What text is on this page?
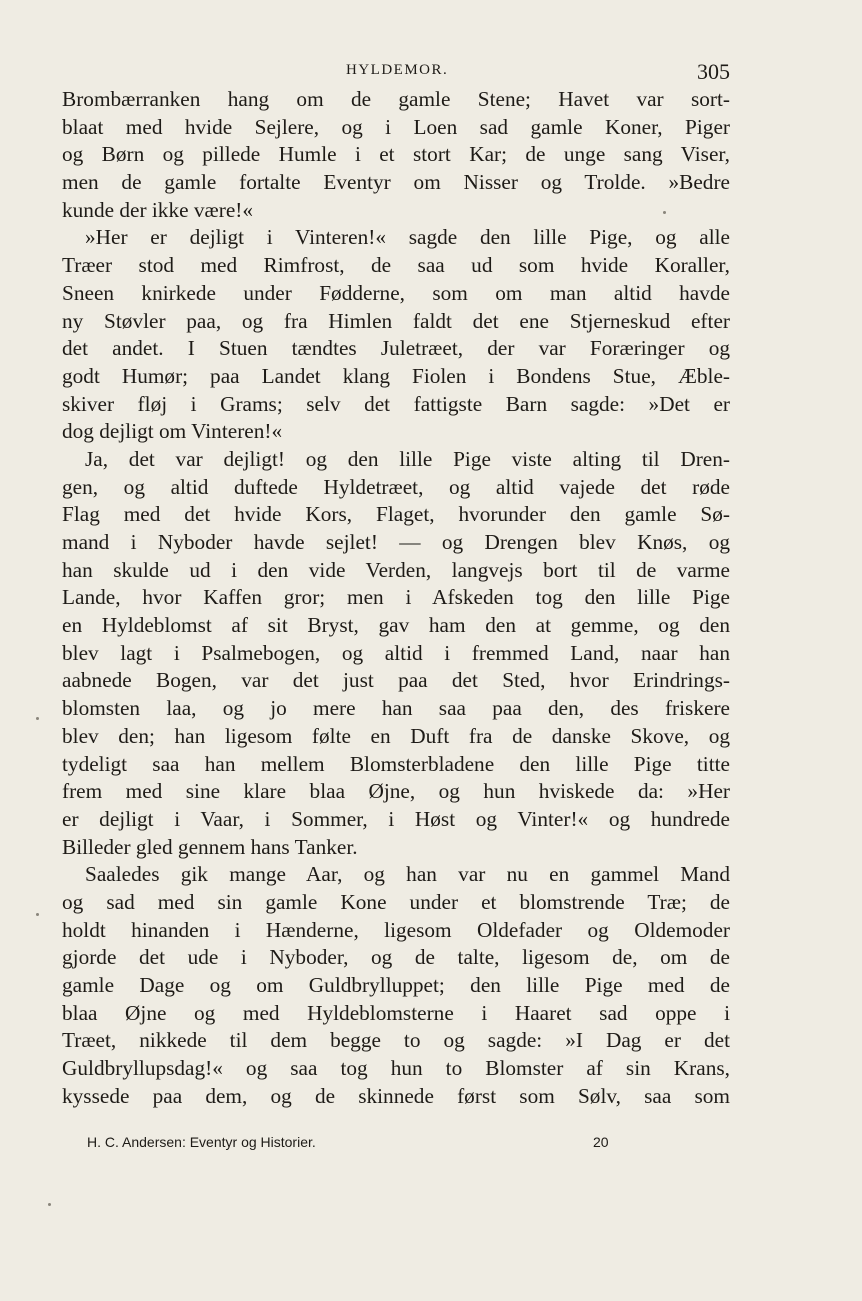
HYLDEMOR.	305
Brombærranken hang om de gamle Stene; Havet var sort-
blaat med hvide Sejlere, og i Loen sad gamle Koner, Piger
og Børn og pillede Humle i et stort Kar; de unge sang Viser,
men de gamle fortalte Eventyr om Nisser og Trolde. »Bedre
kunde der ikke være!«
»Her er dejligt i Vinteren!« sagde den lille Pige, og alle
Træer stod med Rimfrost, de saa ud som hvide Koraller,
Sneen knirkede under Fødderne, som om man altid havde
ny Støvler paa, og fra Himlen faldt det ene Stjerneskud efter
det andet. I Stuen tændtes Juletræet, der var Foræringer og
godt Humør; paa Landet klang Fiolen i Bondens Stue, Æble-
skiver fløj i Grams; selv det fattigste Barn sagde: »Det er
dog dejligt om Vinteren!«
Ja, det var dejligt! og den lille Pige viste alting til Dren-
gen, og altid duftede Hyldetræet, og altid vajede det røde
Flag med det hvide Kors, Flaget, hvorunder den gamle Sø-
mand i Nyboder havde sejlet! — og Drengen blev Knøs, og
han skulde ud i den vide Verden, langvejs bort til de varme
Lande, hvor Kaffen gror; men i Afskeden tog den lille Pige
en Hyldeblomst af sit Bryst, gav ham den at gemme, og den
blev lagt i Psalmebogen, og altid i fremmed Land, naar han
aabnede Bogen, var det just paa det Sted, hvor Erindrings-
blomsten laa, og jo mere han saa paa den, des friskere
blev den; han ligesom følte en Duft fra de danske Skove, og
tydeligt saa han mellem Blomsterbladene den lille Pige titte
frem med sine klare blaa Øjne, og hun hviskede da: »Her
er dejligt i Vaar, i Sommer, i Høst og Vinter!« og hundrede
Billeder gled gennem hans Tanker.
Saaledes gik mange Aar, og han var nu en gammel Mand
og sad med sin gamle Kone under et blomstrende Træ; de
holdt hinanden i Hænderne, ligesom Oldefader og Oldemoder
gjorde det ude i Nyboder, og de talte, ligesom de, om de
gamle Dage og om Guldbrylluppet; den lille Pige med de
blaa Øjne og med Hyldeblomsterne i Haaret sad oppe i
Træet, nikkede til dem begge to og sagde: »I Dag er det
Guldbryllupsdag!« og saa tog hun to Blomster af sin Krans,
kyssede paa dem, og de skinnede først som Sølv, saa som
H. C. Andersen: Eventyr og Historier.	20
